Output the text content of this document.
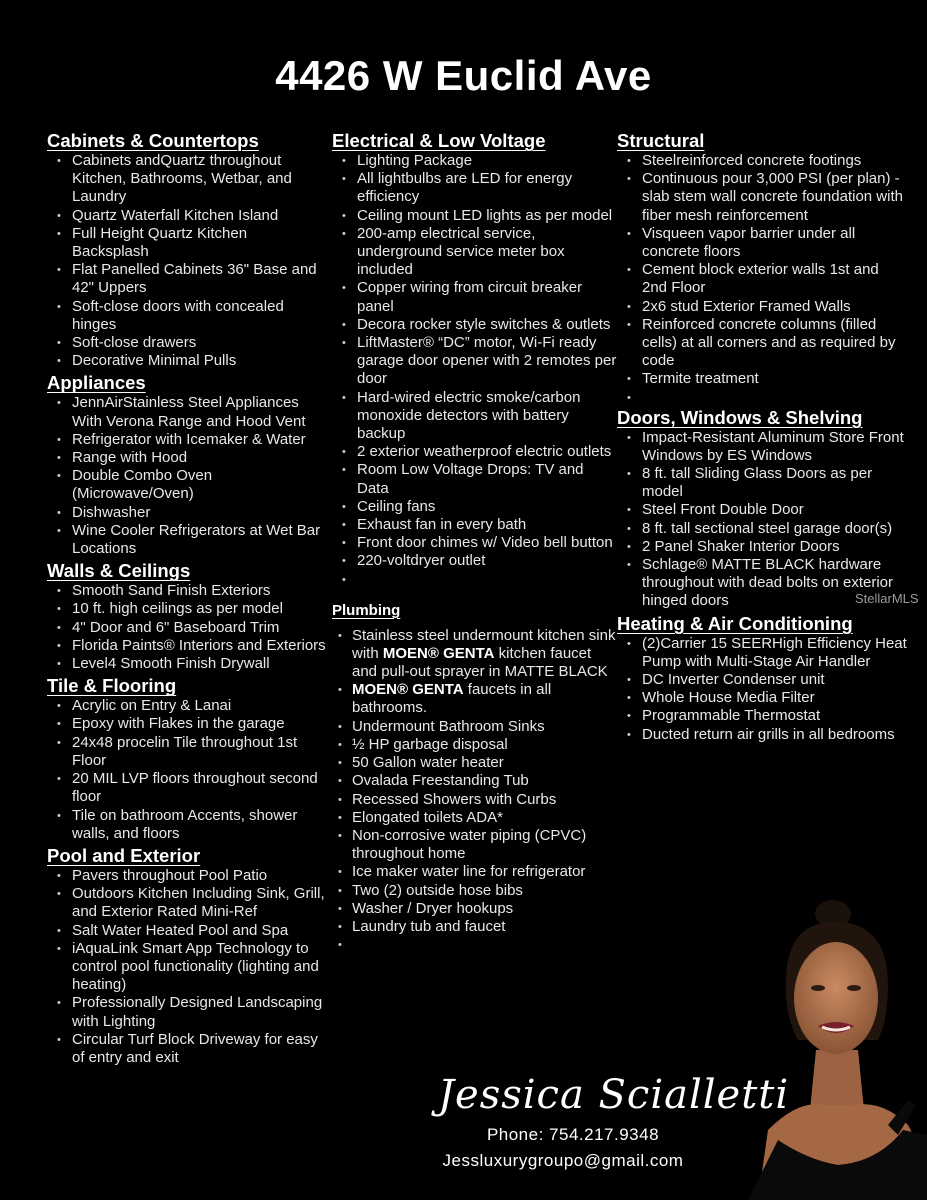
4426 W Euclid Ave
Cabinets & Countertops
• Cabinets andQuartz throughout Kitchen, Bathrooms, Wetbar, and Laundry
• Quartz Waterfall Kitchen Island
• Full Height Quartz Kitchen Backsplash
• Flat Panelled Cabinets 36" Base and 42" Uppers
• Soft-close doors with concealed hinges
• Soft-close drawers
• Decorative Minimal Pulls
Appliances
• JennAirStainless Steel Appliances With Verona Range and Hood Vent
• Refrigerator with Icemaker & Water
• Range with Hood
• Double Combo Oven (Microwave/Oven)
• Dishwasher
• Wine Cooler Refrigerators at Wet Bar Locations
Walls & Ceilings
• Smooth Sand Finish Exteriors
• 10 ft. high ceilings as per model
• 4" Door and 6" Baseboard Trim
• Florida Paints® Interiors and Exteriors
• Level4 Smooth Finish Drywall
Tile & Flooring
• Acrylic on Entry & Lanai
• Epoxy with Flakes in the garage
• 24x48 procelin Tile throughout 1st Floor
• 20 MIL LVP floors throughout second floor
• Tile on bathroom Accents, shower walls, and floors
Pool and Exterior
• Pavers throughout Pool Patio
• Outdoors Kitchen Including Sink, Grill, and Exterior Rated Mini-Ref
• Salt Water Heated Pool and Spa
• iAquaLink Smart App Technology to control pool functionality (lighting and heating)
• Professionally Designed Landscaping with Lighting
• Circular Turf Block Driveway for easy of entry and exit
Electrical & Low Voltage
• Lighting Package
• All lightbulbs are LED for energy efficiency
• Ceiling mount LED lights as per model
• 200-amp electrical service, underground service meter box included
• Copper wiring from circuit breaker panel
• Decora rocker style switches & outlets
• LiftMaster® “DC” motor, Wi-Fi ready garage door opener with 2 remotes per door
• Hard-wired electric smoke/carbon monoxide detectors with battery backup
• 2 exterior weatherproof electric outlets
• Room Low Voltage Drops: TV and Data
• Ceiling fans
• Exhaust fan in every bath
• Front door chimes w/ Video bell button
• 220-voltdryer outlet
•
Plumbing
• Stainless steel undermount kitchen sink with MOEN® GENTA kitchen faucet and pull-out sprayer in MATTE BLACK
• MOEN® GENTA faucets in all bathrooms.
• Undermount Bathroom Sinks
• ½ HP garbage disposal
• 50 Gallon water heater
• Ovalada Freestanding Tub
• Recessed Showers with Curbs
• Elongated toilets ADA*
• Non-corrosive water piping (CPVC) throughout home
• Ice maker water line for refrigerator
• Two (2) outside hose bibs
• Washer / Dryer hookups
• Laundry tub and faucet
•
Structural
• Steelreinforced concrete footings
• Continuous pour 3,000 PSI (per plan) - slab stem wall concrete foundation with fiber mesh reinforcement
• Visqueen vapor barrier under all concrete floors
• Cement block exterior walls 1st and 2nd Floor
• 2x6 stud Exterior Framed Walls
• Reinforced concrete columns (filled cells) at all corners and as required by code
• Termite treatment
•
Doors, Windows & Shelving
• Impact-Resistant Aluminum Store Front Windows by ES Windows
• 8 ft. tall Sliding Glass Doors as per model
• Steel Front Double Door
• 8 ft. tall sectional steel garage door(s)
• 2 Panel Shaker Interior Doors
• Schlage® MATTE BLACK hardware throughout with dead bolts on exterior hinged doors
Heating & Air Conditioning
• (2)Carrier 15 SEERHigh Efficiency Heat Pump with Multi-Stage Air Handler
• DC Inverter Condenser unit
• Whole House Media Filter
• Programmable Thermostat
• Ducted return air grills in all bedrooms
StellarMLS
Jessica Scialletti
Phone: 754.217.9348
Jessluxurygroupo@gmail.com
